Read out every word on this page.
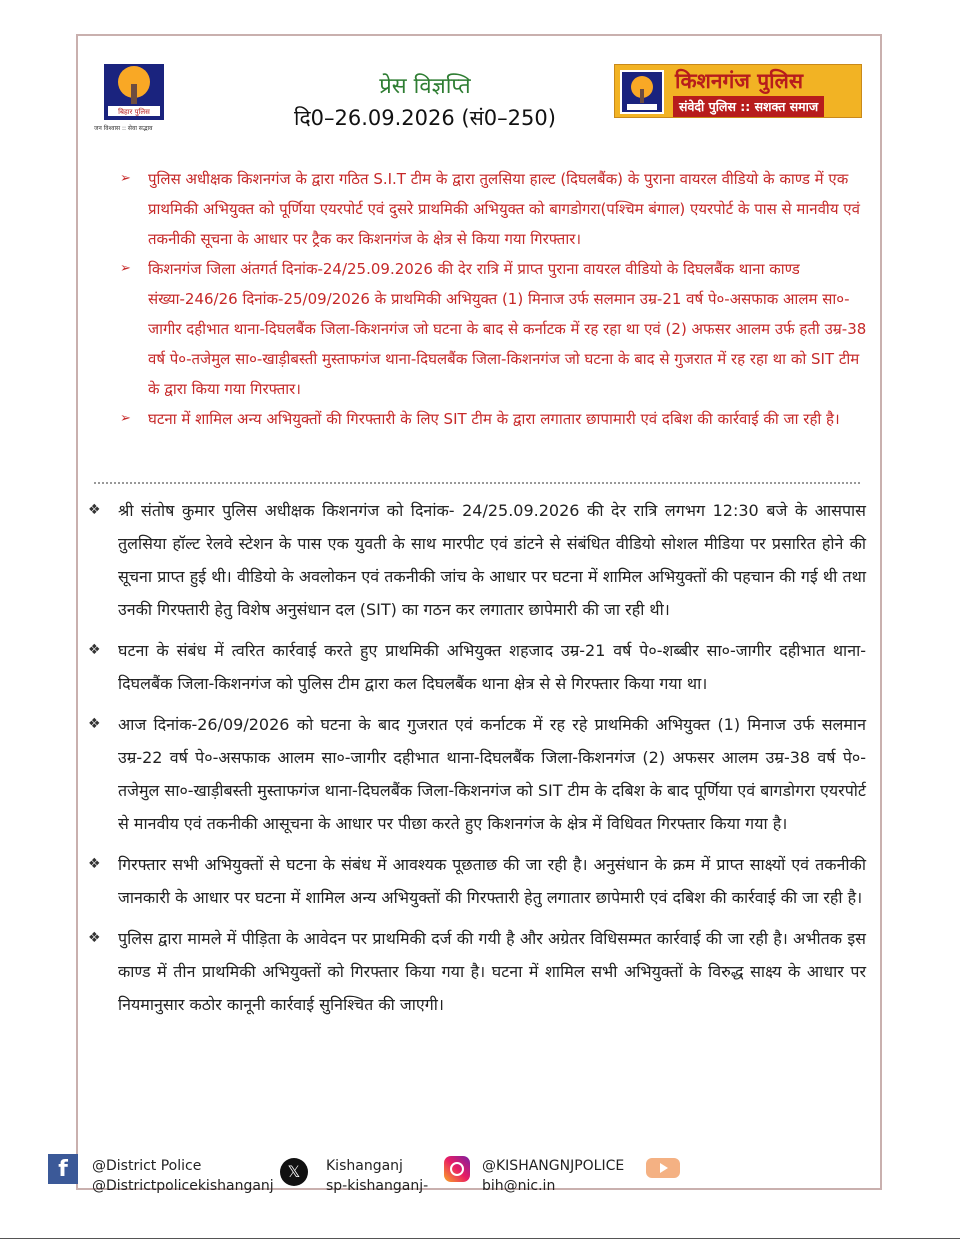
बिहार पुलिस
जन विश्वास :: सेवा सद्भाव
प्रेस विज्ञप्ति
दि0–26.09.2026 (सं0–250)
किशनगंज पुलिस
संवेदी पुलिस :: सशक्त समाज
➢ पुलिस अधीक्षक किशनगंज के द्वारा गठित S.I.T टीम के द्वारा तुलसिया हाल्ट (दिघलबैंक) के पुराना वायरल वीडियो के काण्ड में एक प्राथमिकी अभियुक्त को पूर्णिया एयरपोर्ट एवं दुसरे प्राथमिकी अभियुक्त को बागडोगरा(पश्चिम बंगाल) एयरपोर्ट के पास से मानवीय एवं तकनीकी सूचना के आधार पर ट्रैक कर किशनगंज के क्षेत्र से किया गया गिरफ्तार।
➢ किशनगंज जिला अंतगर्त दिनांक-24/25.09.2026 की देर रात्रि में प्राप्त पुराना वायरल वीडियो के दिघलबैंक थाना काण्ड संख्या-246/26 दिनांक-25/09/2026 के प्राथमिकी अभियुक्त (1) मिनाज उर्फ सलमान उम्र-21 वर्ष पे०-असफाक आलम सा०-जागीर दहीभात थाना-दिघलबैंक जिला-किशनगंज जो घटना के बाद से कर्नाटक में रह रहा था एवं (2) अफसर आलम उर्फ हती उम्र-38 वर्ष पे०-तजेमुल सा०-खाड़ीबस्ती मुस्ताफगंज थाना-दिघलबैंक जिला-किशनगंज जो घटना के बाद से गुजरात में रह रहा था को SIT टीम के द्वारा किया गया गिरफ्तार।
➢ घटना में शामिल अन्य अभियुक्तों की गिरफ्तारी के लिए SIT टीम के द्वारा लगातार छापामारी एवं दबिश की कार्रवाई की जा रही है।
❖ श्री संतोष कुमार पुलिस अधीक्षक किशनगंज को दिनांक- 24/25.09.2026 की देर रात्रि लगभग 12:30 बजे के आसपास तुलसिया हॉल्ट रेलवे स्टेशन के पास एक युवती के साथ मारपीट एवं डांटने से संबंधित वीडियो सोशल मीडिया पर प्रसारित होने की सूचना प्राप्त हुई थी। वीडियो के अवलोकन एवं तकनीकी जांच के आधार पर घटना में शामिल अभियुक्तों की पहचान की गई थी तथा उनकी गिरफ्तारी हेतु विशेष अनुसंधान दल (SIT) का गठन कर लगातार छापेमारी की जा रही थी।
❖ घटना के संबंध में त्वरित कार्रवाई करते हुए प्राथमिकी अभियुक्त शहजाद उम्र-21 वर्ष पे०-शब्बीर सा०-जागीर दहीभात थाना-दिघलबैंक जिला-किशनगंज को पुलिस टीम द्वारा कल दिघलबैंक थाना क्षेत्र से से गिरफ्तार किया गया था।
❖ आज दिनांक-26/09/2026 को घटना के बाद गुजरात एवं कर्नाटक में रह रहे प्राथमिकी अभियुक्त (1) मिनाज उर्फ सलमान उम्र-22 वर्ष पे०-असफाक आलम सा०-जागीर दहीभात थाना-दिघलबैंक जिला-किशनगंज (2) अफसर आलम उम्र-38 वर्ष पे०-तजेमुल सा०-खाड़ीबस्ती मुस्ताफगंज थाना-दिघलबैंक जिला-किशनगंज को SIT टीम के दबिश के बाद पूर्णिया एवं बागडोगरा एयरपोर्ट से मानवीय एवं तकनीकी आसूचना के आधार पर पीछा करते हुए किशनगंज के क्षेत्र में विधिवत गिरफ्तार किया गया है।
❖ गिरफ्तार सभी अभियुक्तों से घटना के संबंध में आवश्यक पूछताछ की जा रही है। अनुसंधान के क्रम में प्राप्त साक्ष्यों एवं तकनीकी जानकारी के आधार पर घटना में शामिल अन्य अभियुक्तों की गिरफ्तारी हेतु लगातार छापेमारी एवं दबिश की कार्रवाई की जा रही है।
❖ पुलिस द्वारा मामले में पीड़िता के आवेदन पर प्राथमिकी दर्ज की गयी है और अग्रेतर विधिसम्मत कार्रवाई की जा रही है। अभीतक इस काण्ड में तीन प्राथमिकी अभियुक्तों को गिरफ्तार किया गया है। घटना में शामिल सभी अभियुक्तों के विरुद्ध साक्ष्य के आधार पर नियमानुसार कठोर कानूनी कार्रवाई सुनिश्चित की जाएगी।
f	@District Police
@Districtpolicekishanganj
𝕏	Kishanganj
sp-kishanganj-
@KISHANGNJPOLICE
bih@nic.in
